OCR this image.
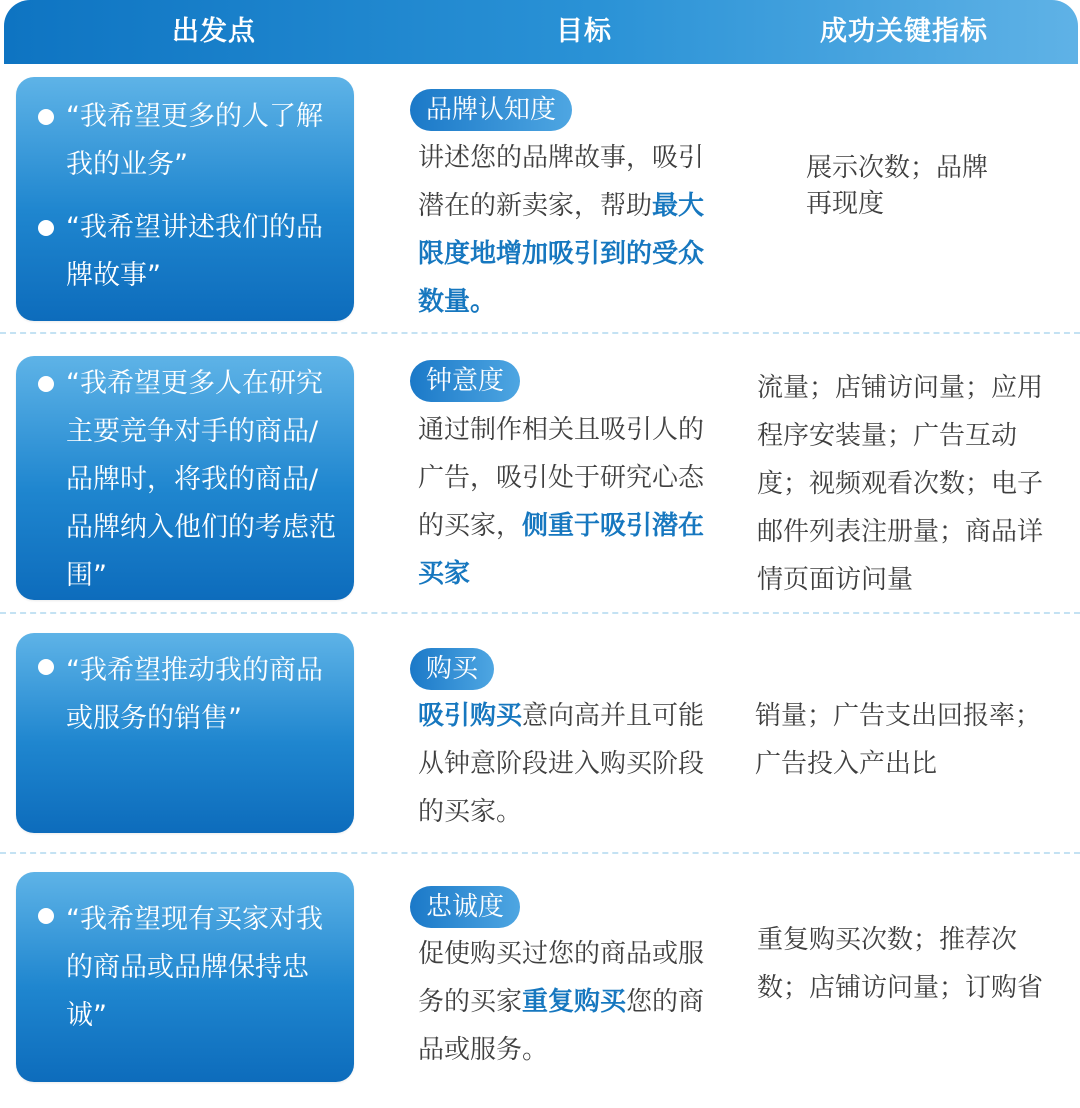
出发点	目标	成功关键指标
“我希望更多的人了解我的业务”
“我希望讲述我们的品牌故事”
品牌认知度
讲述您的品牌故事，吸引潜在的新卖家，帮助最大限度地增加吸引到的受众数量。
展示次数；品牌再现度
“我希望更多人在研究主要竞争对手的商品/品牌时，将我的商品/品牌纳入他们的考虑范围”
钟意度
通过制作相关且吸引人的广告，吸引处于研究心态的买家，侧重于吸引潜在买家
流量；店铺访问量；应用程序安装量；广告互动度；视频观看次数；电子邮件列表注册量；商品详情页面访问量
“我希望推动我的商品或服务的销售”
购买
吸引购买意向高并且可能从钟意阶段进入购买阶段的买家。
销量；广告支出回报率；广告投入产出比
“我希望现有买家对我的商品或品牌保持忠诚”
忠诚度
促使购买过您的商品或服务的买家重复购买您的商品或服务。
重复购买次数；推荐次数；店铺访问量；订购省
